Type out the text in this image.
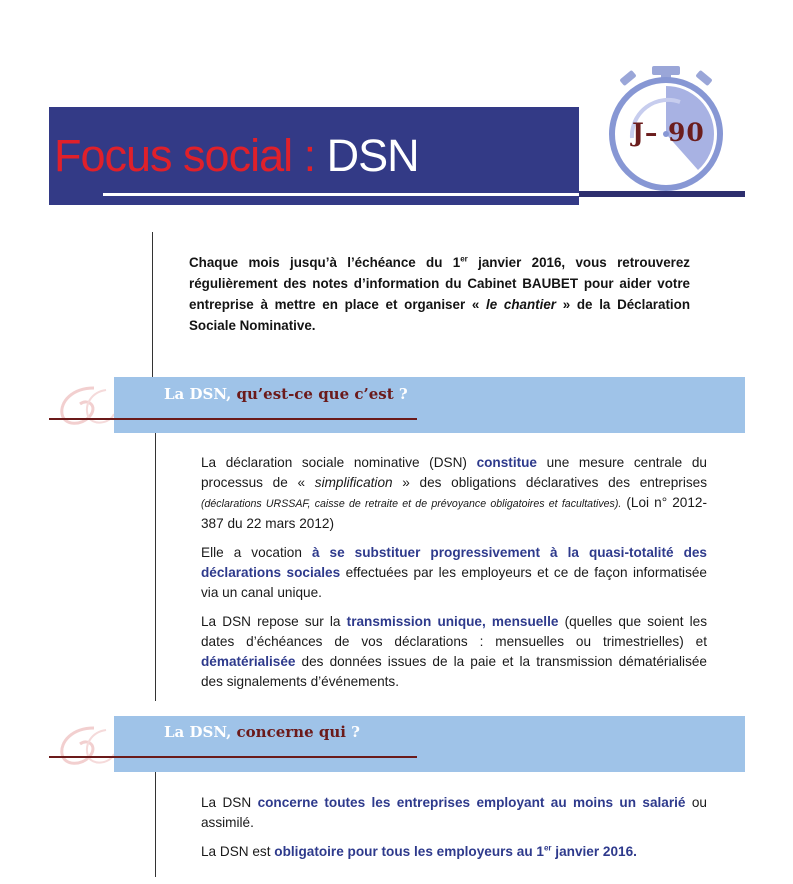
Focus social : DSN	J– 90
Chaque mois jusqu’à l’échéance du 1er janvier 2016, vous retrouverez régulièrement des notes d’information du Cabinet BAUBET pour aider votre entreprise à mettre en place et organiser « le chantier » de la Déclaration Sociale Nominative.
La DSN, qu’est-ce que c’est ?

La déclaration sociale nominative (DSN) constitue une mesure centrale du processus de « simplification » des obligations déclaratives des entreprises (déclarations URSSAF, caisse de retraite et de prévoyance obligatoires et facultatives). (Loi n° 2012-387 du 22 mars 2012)

Elle a vocation à se substituer progressivement à la quasi-totalité des déclarations sociales effectuées par les employeurs et ce de façon informatisée via un canal unique.

La DSN repose sur la transmission unique, mensuelle (quelles que soient les dates d’échéances de vos déclarations : mensuelles ou trimestrielles) et dématérialisée des données issues de la paie et la transmission dématérialisée des signalements d’événements.

La DSN, concerne qui ?

La DSN concerne toutes les entreprises employant au moins un salarié ou assimilé.

La DSN est obligatoire pour tous les employeurs au 1er janvier 2016.
